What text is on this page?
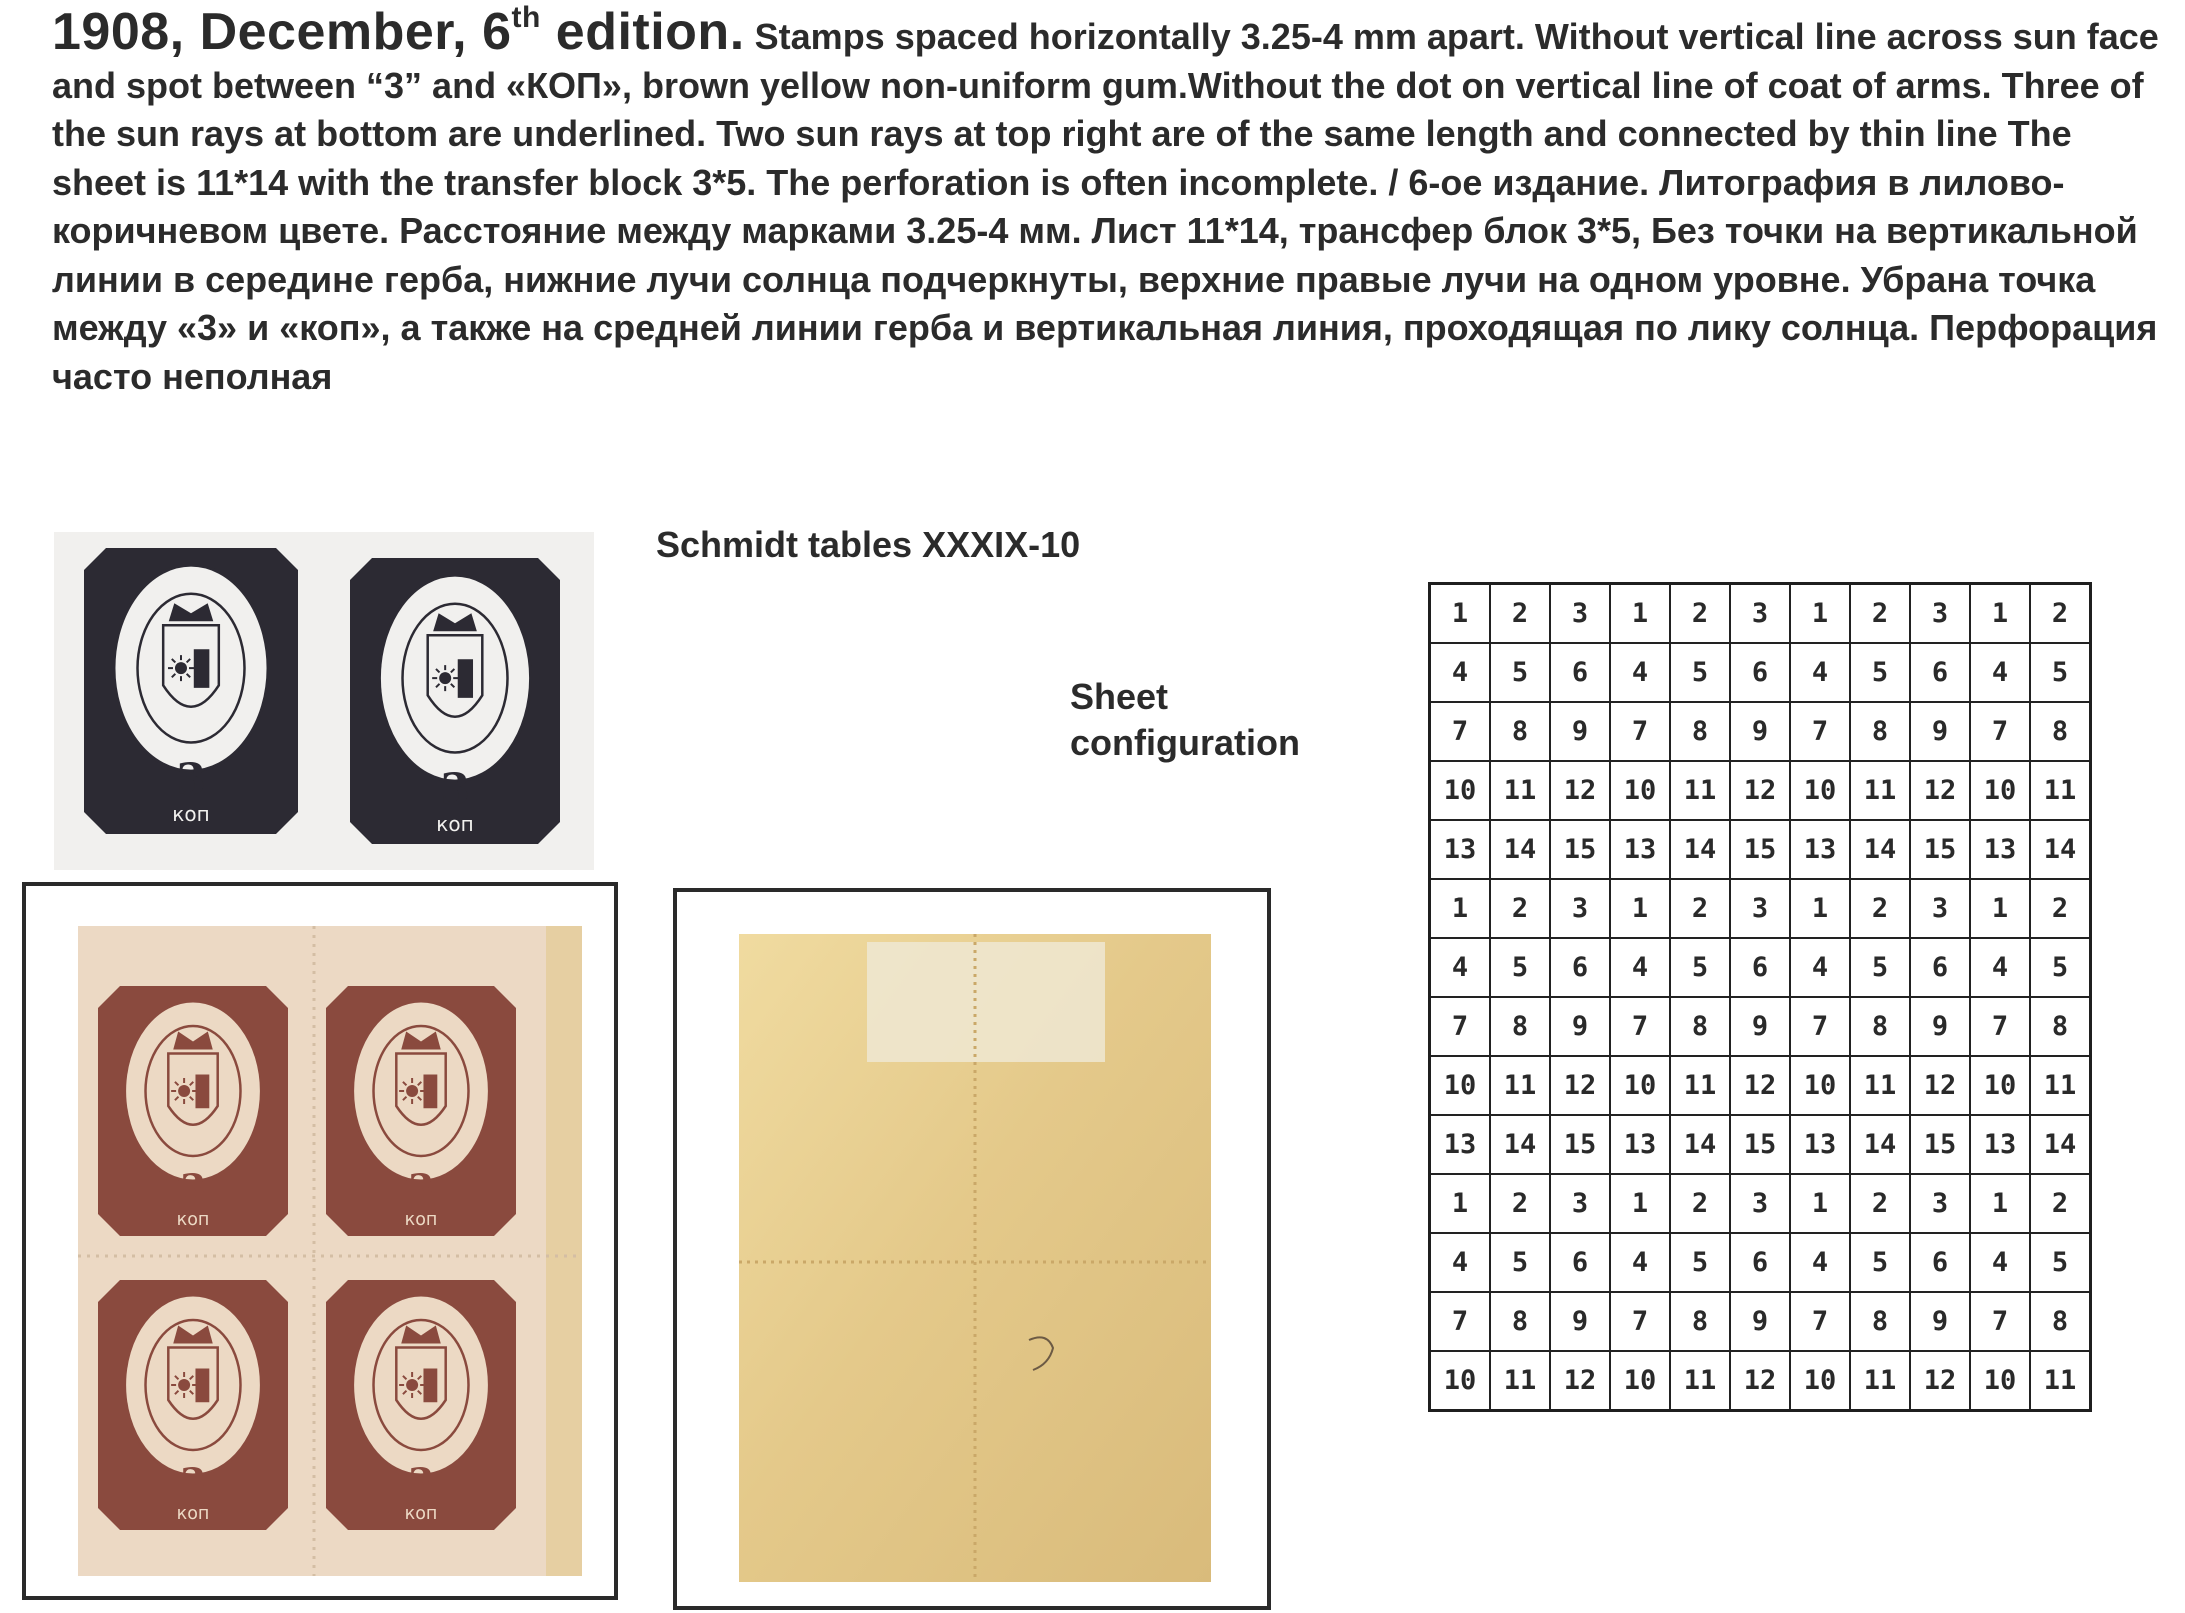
1908, December, 6th edition. Stamps spaced horizontally 3.25-4 mm apart. Without vertical line across sun face and spot between “3” and «КОП», brown yellow non-uniform gum.Without the dot on vertical line of coat of arms. Three of the sun rays at bottom are underlined. Two sun rays at top right are of the same length and connected by thin line The sheet is 11*14 with the transfer block 3*5. The perforation is often incomplete. / 6-ое издание. Литография в лилово-коричневом цвете. Расстояние между марками 3.25-4 мм. Лист 11*14, трансфер блок 3*5, Без точки на вертикальной линии в середине герба, нижние лучи солнца подчеркнуты, верхние правые лучи на одном уровне. Убрана точка между «3» и «коп», а также на средней линии герба и вертикальная линия, проходящая по лику солнца. Перфорация часто неполная
Schmidt tables XXXIX-10
Sheet
configuration
3
коп	3
коп
3
коп
3
коп
3
коп
3
коп
1	2	3	1	2	3	1	2	3	1	2
4	5	6	4	5	6	4	5	6	4	5
7	8	9	7	8	9	7	8	9	7	8
10	11	12	10	11	12	10	11	12	10	11
13	14	15	13	14	15	13	14	15	13	14
1	2	3	1	2	3	1	2	3	1	2
4	5	6	4	5	6	4	5	6	4	5
7	8	9	7	8	9	7	8	9	7	8
10	11	12	10	11	12	10	11	12	10	11
13	14	15	13	14	15	13	14	15	13	14
1	2	3	1	2	3	1	2	3	1	2
4	5	6	4	5	6	4	5	6	4	5
7	8	9	7	8	9	7	8	9	7	8
10	11	12	10	11	12	10	11	12	10	11
